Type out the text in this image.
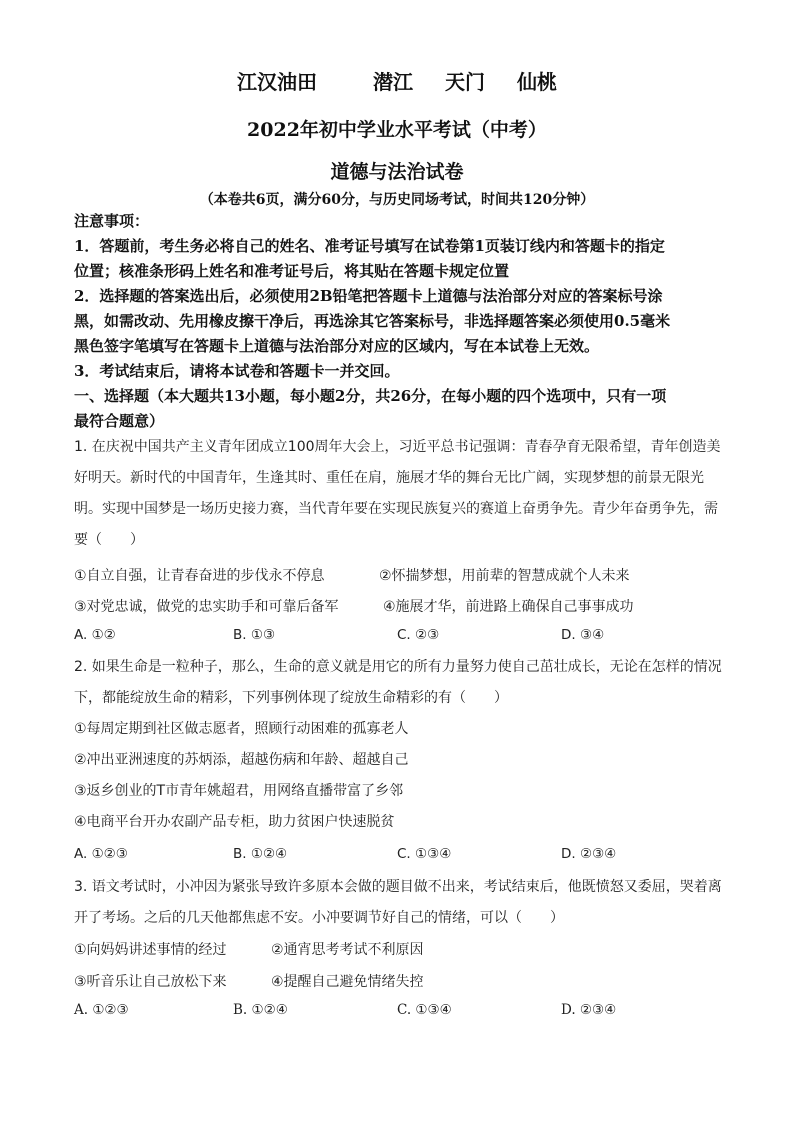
江汉油田	潜江 天门 仙桃
2022年初中学业水平考试（中考）
道德与法治试卷
（本卷共6页，满分60分，与历史同场考试，时间共120分钟）

注意事项：

1．答题前，考生务必将自己的姓名、准考证号填写在试卷第1页装订线内和答题卡的指定

位置；核准条形码上姓名和准考证号后，将其贴在答题卡规定位置

2．选择题的答案选出后，必须使用2B铅笔把答题卡上道德与法治部分对应的答案标号涂

黑，如需改动、先用橡皮擦干净后，再选涂其它答案标号，非选择题答案必须使用0.5毫米

黑色签字笔填写在答题卡上道德与法治部分对应的区域内，写在本试卷上无效。

3．考试结束后，请将本试卷和答题卡一并交回。

一、选择题（本大题共13小题，每小题2分，共26分，在每小题的四个选项中，只有一项

最符合题意）

1. 在庆祝中国共产主义青年团成立100周年大会上，习近平总书记强调：青春孕育无限希望，青年创造美

好明天。新时代的中国青年，生逢其时、重任在肩，施展才华的舞台无比广阔，实现梦想的前景无限光

明。实现中国梦是一场历史接力赛，当代青年要在实现民族复兴的赛道上奋勇争先。青少年奋勇争先，需

要（　　）

①自立自强，让青春奋进的步伐永不停息	②怀揣梦想，用前辈的智慧成就个人未来
③对党忠诚，做党的忠实助手和可靠后备军	④施展才华，前进路上确保自己事事成功
A. ①②	B. ①③	C. ②③	D. ③④

2. 如果生命是一粒种子，那么，生命的意义就是用它的所有力量努力使自己茁壮成长，无论在怎样的情况

下，都能绽放生命的精彩，下列事例体现了绽放生命精彩的有（　　）

①每周定期到社区做志愿者，照顾行动困难的孤寡老人

②冲出亚洲速度的苏炳添，超越伤病和年龄、超越自己

③返乡创业的T市青年姚超君，用网络直播带富了乡邻

④电商平台开办农副产品专柜，助力贫困户快速脱贫

A. ①②③	B. ①②④	C. ①③④	D. ②③④

3. 语文考试时，小冲因为紧张导致许多原本会做的题目做不出来，考试结束后，他既愤怒又委屈，哭着离

开了考场。之后的几天他都焦虑不安。小冲要调节好自己的情绪，可以（　　）

①向妈妈讲述事情的经过	②通宵思考考试不利原因
③听音乐让自己放松下来	④提醒自己避免情绪失控
A. ①②③	B. ①②④	C. ①③④	D. ②③④
